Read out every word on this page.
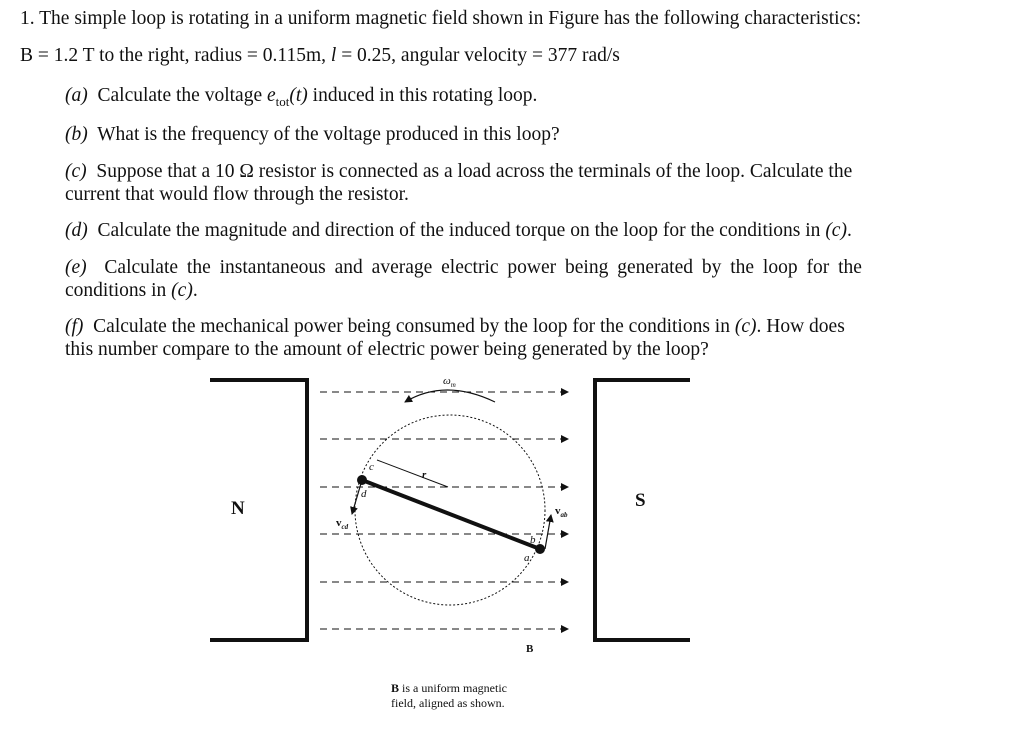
1. The simple loop is rotating in a uniform magnetic field shown in Figure has the following characteristics:
B = 1.2 T to the right, radius = 0.115m, l = 0.25, angular velocity = 377 rad/s
(a) Calculate the voltage $e_{tot}(t)$ induced in this rotating loop.
(b) What is the frequency of the voltage produced in this loop?
(c) Suppose that a 10 Ω resistor is connected as a load across the terminals of the loop. Calculate the
current that would flow through the resistor.
(d) Calculate the magnitude and direction of the induced torque on the loop for the conditions in (c).
(e) Calculate the instantaneous and average electric power being generated by the loop for the
conditions in (c).
(f) Calculate the mechanical power being consumed by the loop for the conditions in (c). How does
this number compare to the amount of electric power being generated by the loop?
N	S
$\omega_m$
r
c
d
b
a
$v_{cd}$
$v_{ab}$
B
B is a uniform magnetic
field, aligned as shown.
